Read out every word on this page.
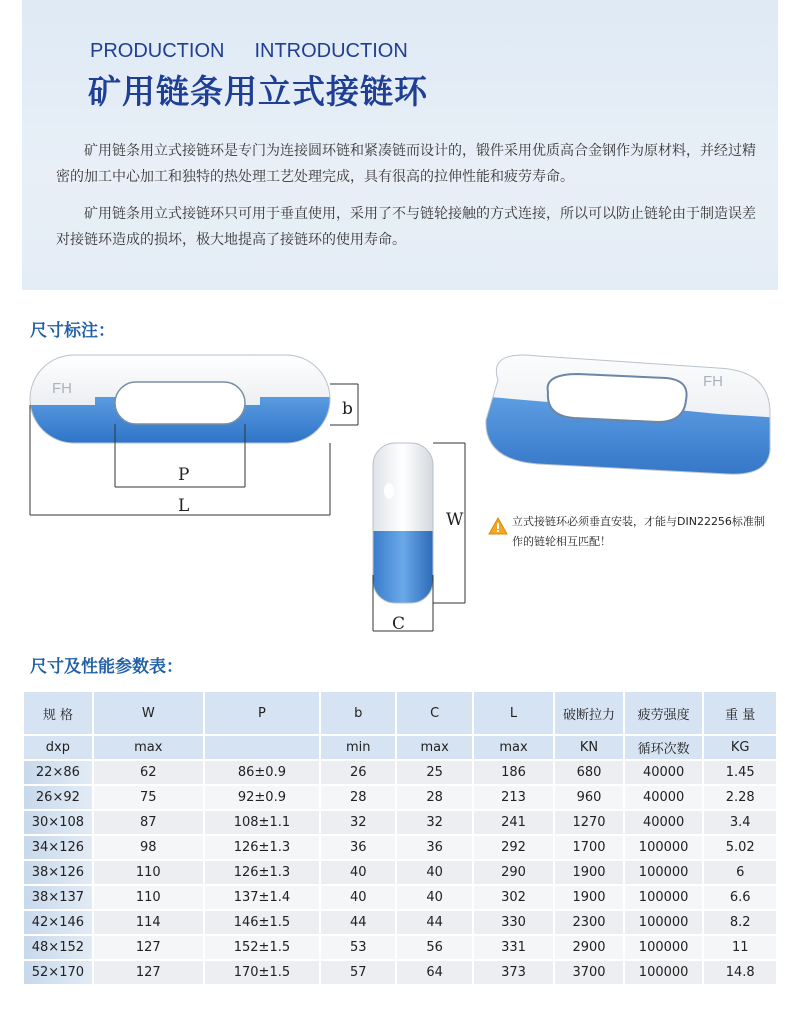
PRODUCTION INTRODUCTION
矿用链条用立式接链环
矿用链条用立式接链环是专门为连接圆环链和紧凑链而设计的，锻件采用优质高合金钢作为原材料，并经过精密的加工中心加工和独特的热处理工艺处理完成，具有很高的拉伸性能和疲劳寿命。
矿用链条用立式接链环只可用于垂直使用，采用了不与链轮接触的方式连接，所以可以防止链轮由于制造误差对接链环造成的损坏，极大地提高了接链环的使用寿命。
尺寸标注：
FH
b
P
L
W
C
FH
立式接链环必须垂直安装，才能与DIN22256标准制作的链轮相互匹配！
尺寸及性能参数表：
规 格	W	P	b	C	L	破断拉力	疲劳强度	重 量
dxp	max		min	max	max	KN	循环次数	KG
22×86	62	86±0.9	26	25	186	680	40000	1.45
26×92	75	92±0.9	28	28	213	960	40000	2.28
30×108	87	108±1.1	32	32	241	1270	40000	3.4
34×126	98	126±1.3	36	36	292	1700	100000	5.02
38×126	110	126±1.3	40	40	290	1900	100000	6
38×137	110	137±1.4	40	40	302	1900	100000	6.6
42×146	114	146±1.5	44	44	330	2300	100000	8.2
48×152	127	152±1.5	53	56	331	2900	100000	11
52×170	127	170±1.5	57	64	373	3700	100000	14.8
